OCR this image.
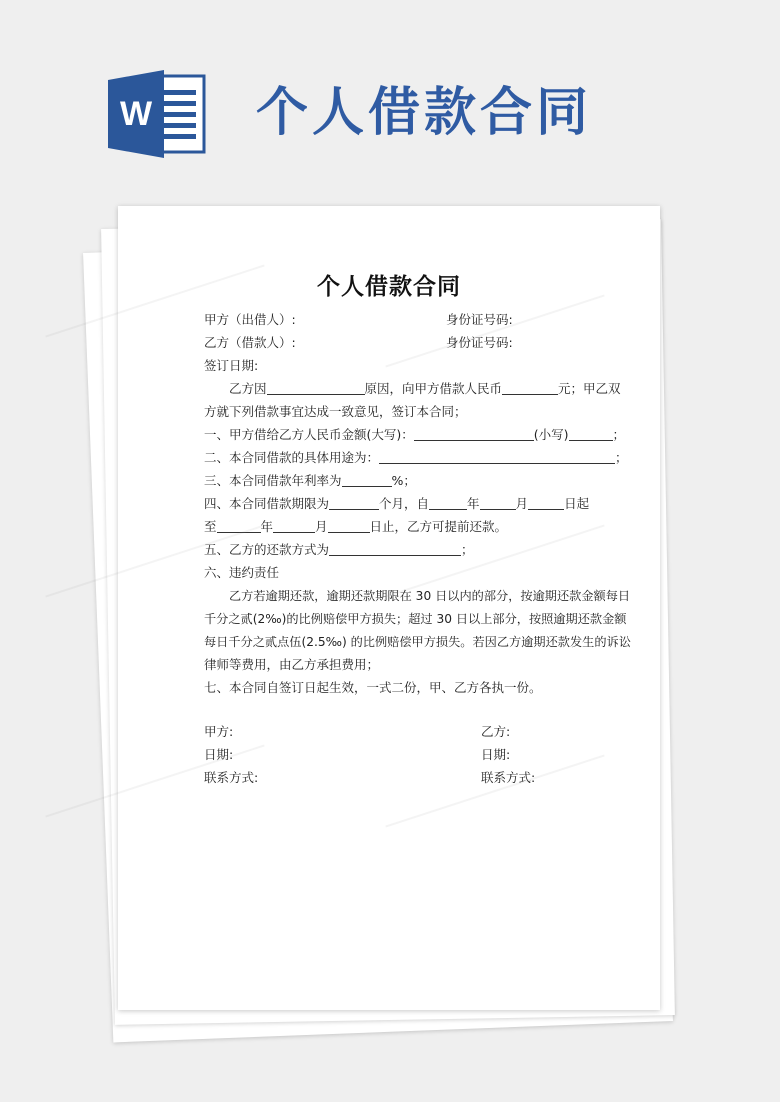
W 个人借款合同
个人借款合同
甲方（出借人）:	身份证号码:
乙方（借款人）:	身份证号码:
签订日期:
乙方因	原因，向甲方借款人民币	元；甲乙双
方就下列借款事宜达成一致意见，签订本合同；
一、甲方借给乙方人民币金额(大写)：	(小写)	；
二、本合同借款的具体用途为：	；
三、本合同借款年利率为	%；
四、本合同借款期限为	个月，自	年	月	日起
至	年	月	日止，乙方可提前还款。
五、乙方的还款方式为	；
六、违约责任
乙方若逾期还款，逾期还款期限在 30 日以内的部分，按逾期还款金额每日
千分之贰(2‰)的比例赔偿甲方损失；超过 30 日以上部分，按照逾期还款金额
每日千分之贰点伍(2.5‰) 的比例赔偿甲方损失。若因乙方逾期还款发生的诉讼
律师等费用，由乙方承担费用；
七、本合同自签订日起生效，一式二份，甲、乙方各执一份。
甲方:	乙方:
日期:	日期:
联系方式:	联系方式:
